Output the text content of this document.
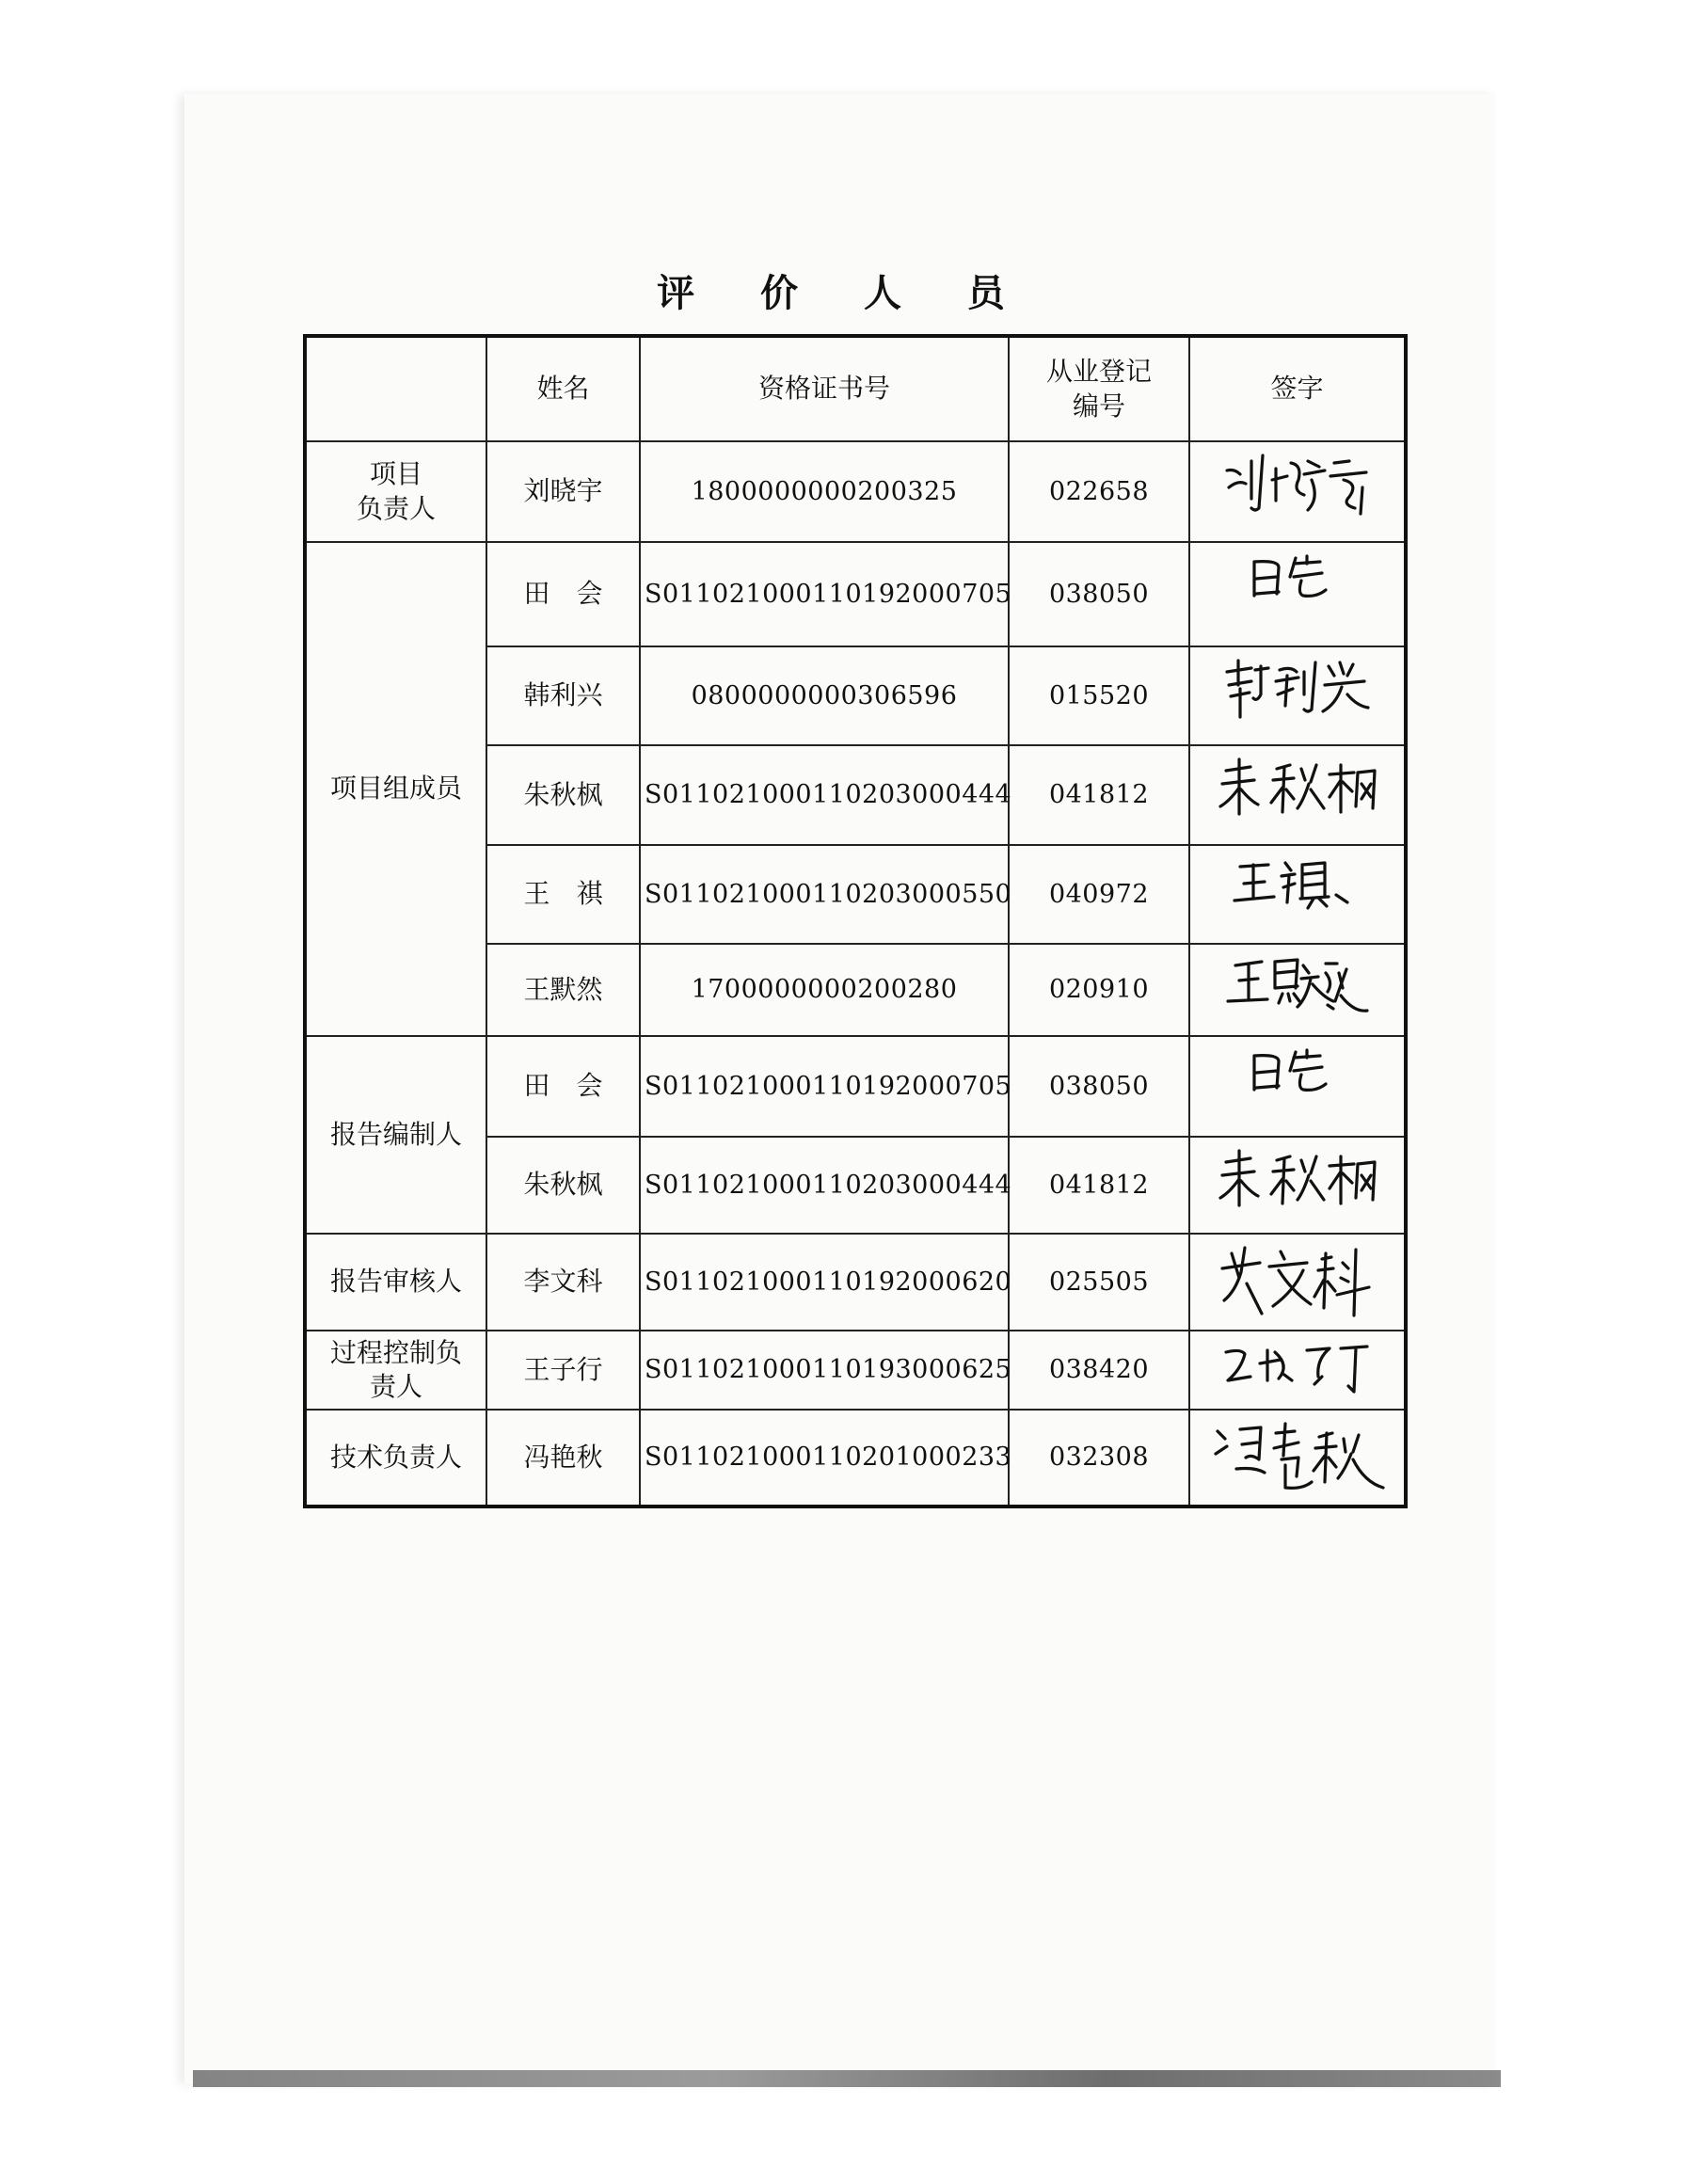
评 价 人 员
	姓名	资格证书号	从业登记
编号	签字
项目
负责人	刘晓宇	1800000000200325	022658	

项目组成员	田　会	S011021000110192000705	038050	

	韩利兴	0800000000306596	015520	

	朱秋枫	S011021000110203000444	041812	

	王　祺	S011021000110203000550	040972	

	王默然	1700000000200280	020910	

报告编制人	田　会	S011021000110192000705	038050	

	朱秋枫	S011021000110203000444	041812	

报告审核人	李文科	S011021000110192000620	025505	

过程控制负
责人	王子行	S011021000110193000625	038420	

技术负责人	冯艳秋	S011021000110201000233	032308	
